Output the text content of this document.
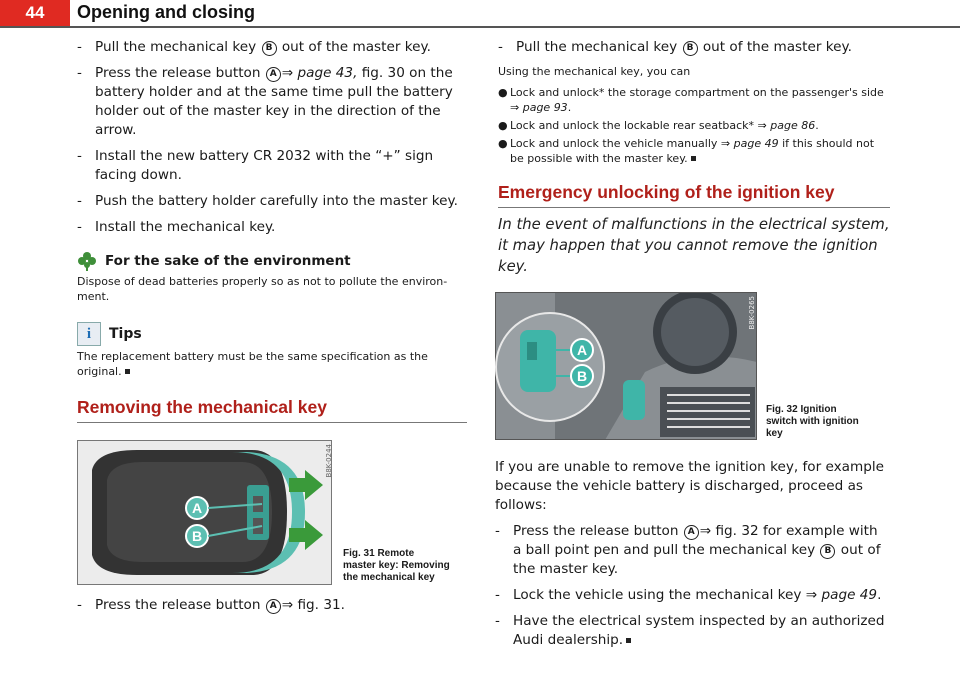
44	Opening and closing
- Pull the mechanical key B out of the master key.
- Press the release button A ⇒ page 43, fig. 30 on the battery holder and at the same time pull the battery holder out of the master key in the direction of the arrow.
- Install the new battery CR 2032 with the “+” sign facing down.
- Push the battery holder carefully into the master key.
- Install the mechanical key.
For the sake of the environment

Dispose of dead batteries properly so as not to pollute the environ-ment.

i	Tips

The replacement battery must be the same specification as the original.

Removing the mechanical key
A
B
B8K-0244
Fig. 31 Remote
master key: Removing
the mechanical key
- Press the release button A ⇒ fig. 31.
- Pull the mechanical key B out of the master key.
Using the mechanical key, you can
● Lock and unlock* the storage compartment on the passenger's side ⇒ page 93.
● Lock and unlock the lockable rear seatback* ⇒ page 86.
● Lock and unlock the vehicle manually ⇒ page 49 if this should not be possible with the master key.
Emergency unlocking of the ignition key
In the event of malfunctions in the electrical system, it may happen that you cannot remove the ignition key.
A
B
B8K-0265
Fig. 32 Ignition
switch with ignition
key
If you are unable to remove the ignition key, for example because the vehicle battery is discharged, proceed as follows:
- Press the release button A ⇒ fig. 32 for example with a ball point pen and pull the mechanical key B out of the master key.
- Lock the vehicle using the mechanical key ⇒ page 49.
- Have the electrical system inspected by an authorized Audi dealership.
